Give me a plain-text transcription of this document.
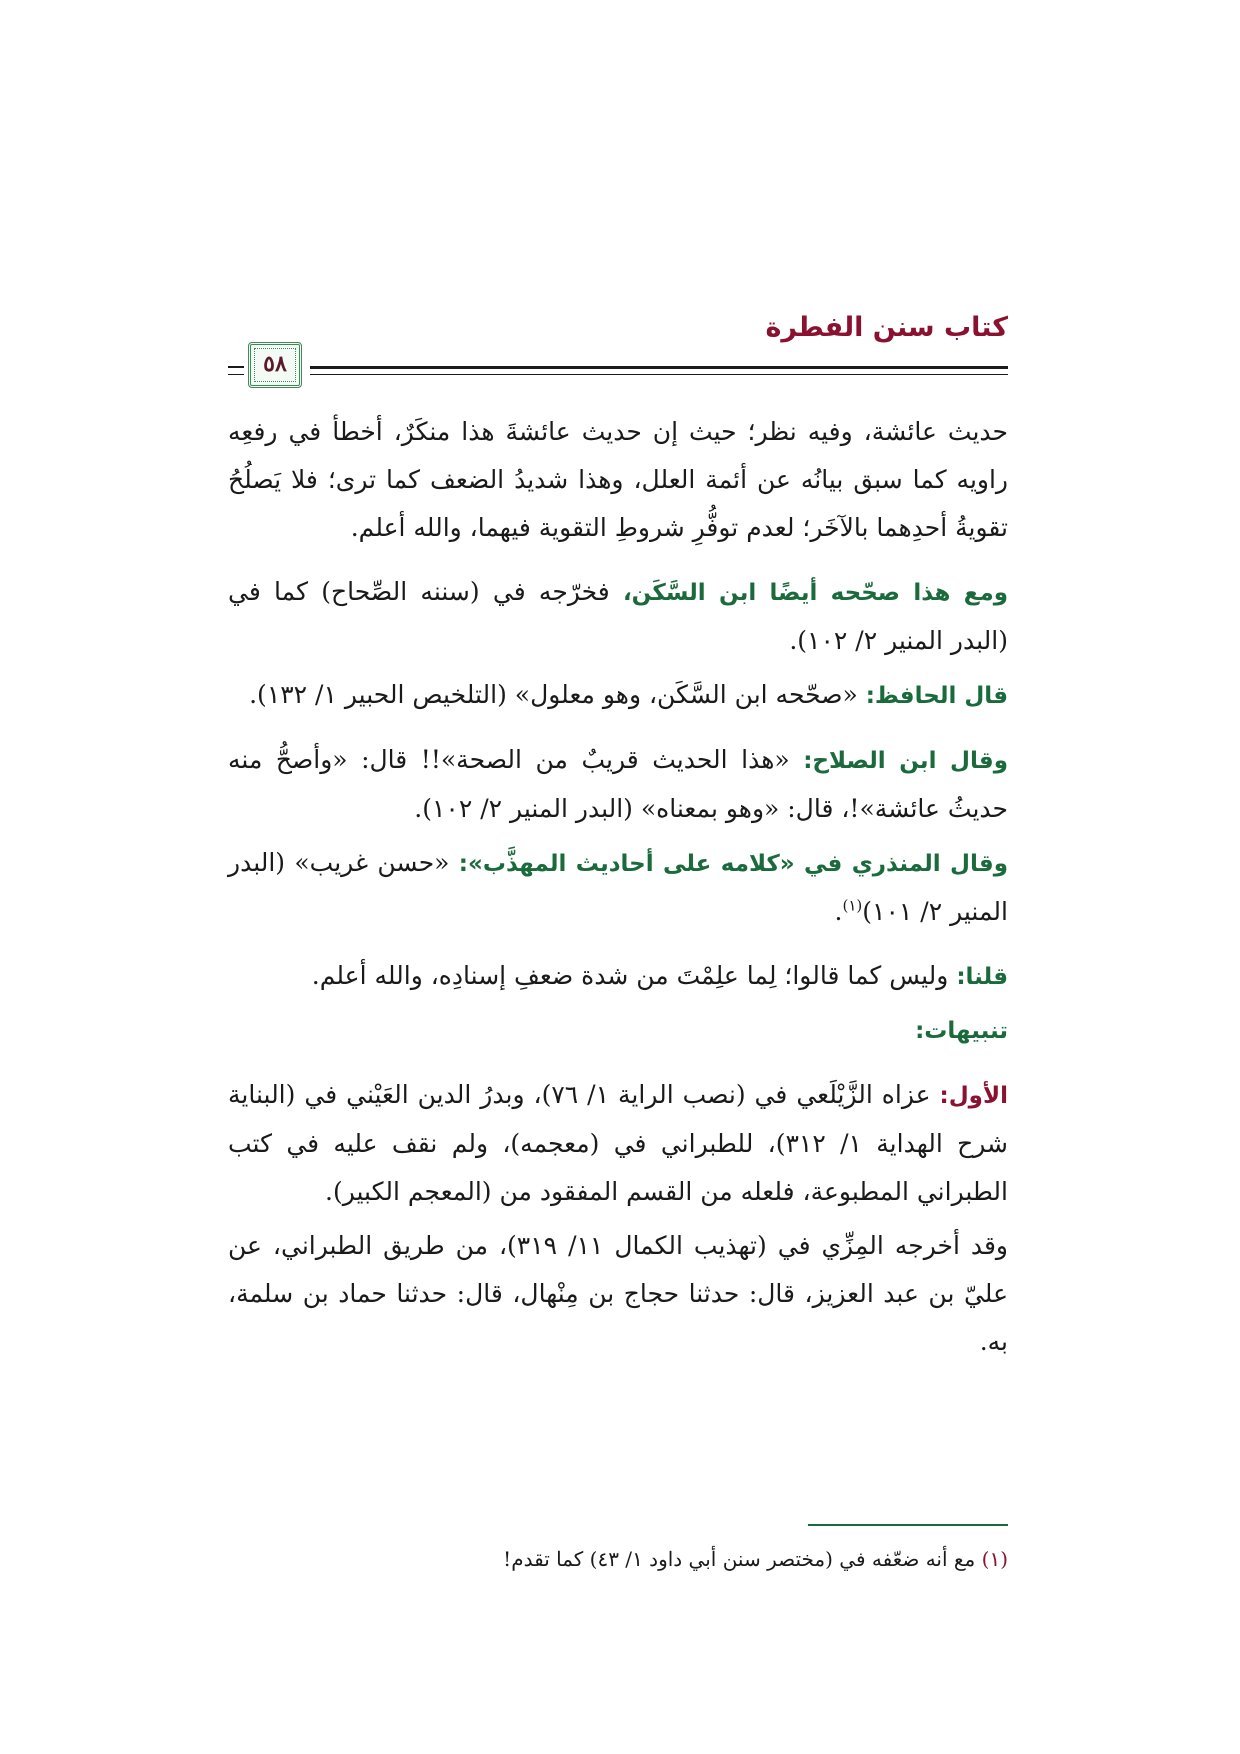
كتاب سنن الفطرة
٥٨

حديث عائشة، وفيه نظر؛ حيث إن حديث عائشةَ هذا منكَرٌ، أخطأ في رفعِه راويه كما سبق بيانُه عن أئمة العلل، وهذا شديدُ الضعف كما ترى؛ فلا يَصلُحُ تقويةُ أحدِهما بالآخَر؛ لعدم توفُّرِ شروطِ التقوية فيهما، والله أعلم.

ومع هذا صحّحه أيضًا ابن السَّكَن، فخرّجه في (سننه الصِّحاح) كما في (البدر المنير ٢/ ١٠٢).

قال الحافظ: «صحّحه ابن السَّكَن، وهو معلول» (التلخيص الحبير ١/ ١٣٢).

وقال ابن الصلاح: «هذا الحديث قريبٌ من الصحة»!! قال: «وأصحُّ منه حديثُ عائشة»!، قال: «وهو بمعناه» (البدر المنير ٢/ ١٠٢).

وقال المنذري في «كلامه على أحاديث المهذَّب»: «حسن غريب» (البدر المنير ٢/ ١٠١)$^{(١)}$.

قلنا: وليس كما قالوا؛ لِما علِمْتَ من شدة ضعفِ إسنادِه، والله أعلم.

تنبيهات:

الأول: عزاه الزَّيْلَعي في (نصب الراية ١/ ٧٦)، وبدرُ الدين العَيْني في (البناية شرح الهداية ١/ ٣١٢)، للطبراني في (معجمه)، ولم نقف عليه في كتب الطبراني المطبوعة، فلعله من القسم المفقود من (المعجم الكبير).

وقد أخرجه المِزِّي في (تهذيب الكمال ١١/ ٣١٩)، من طريق الطبراني، عن عليّ بن عبد العزيز، قال: حدثنا حجاج بن مِنْهال، قال: حدثنا حماد بن سلمة، به.

(١) مع أنه ضعّفه في (مختصر سنن أبي داود ١/ ٤٣) كما تقدم!
